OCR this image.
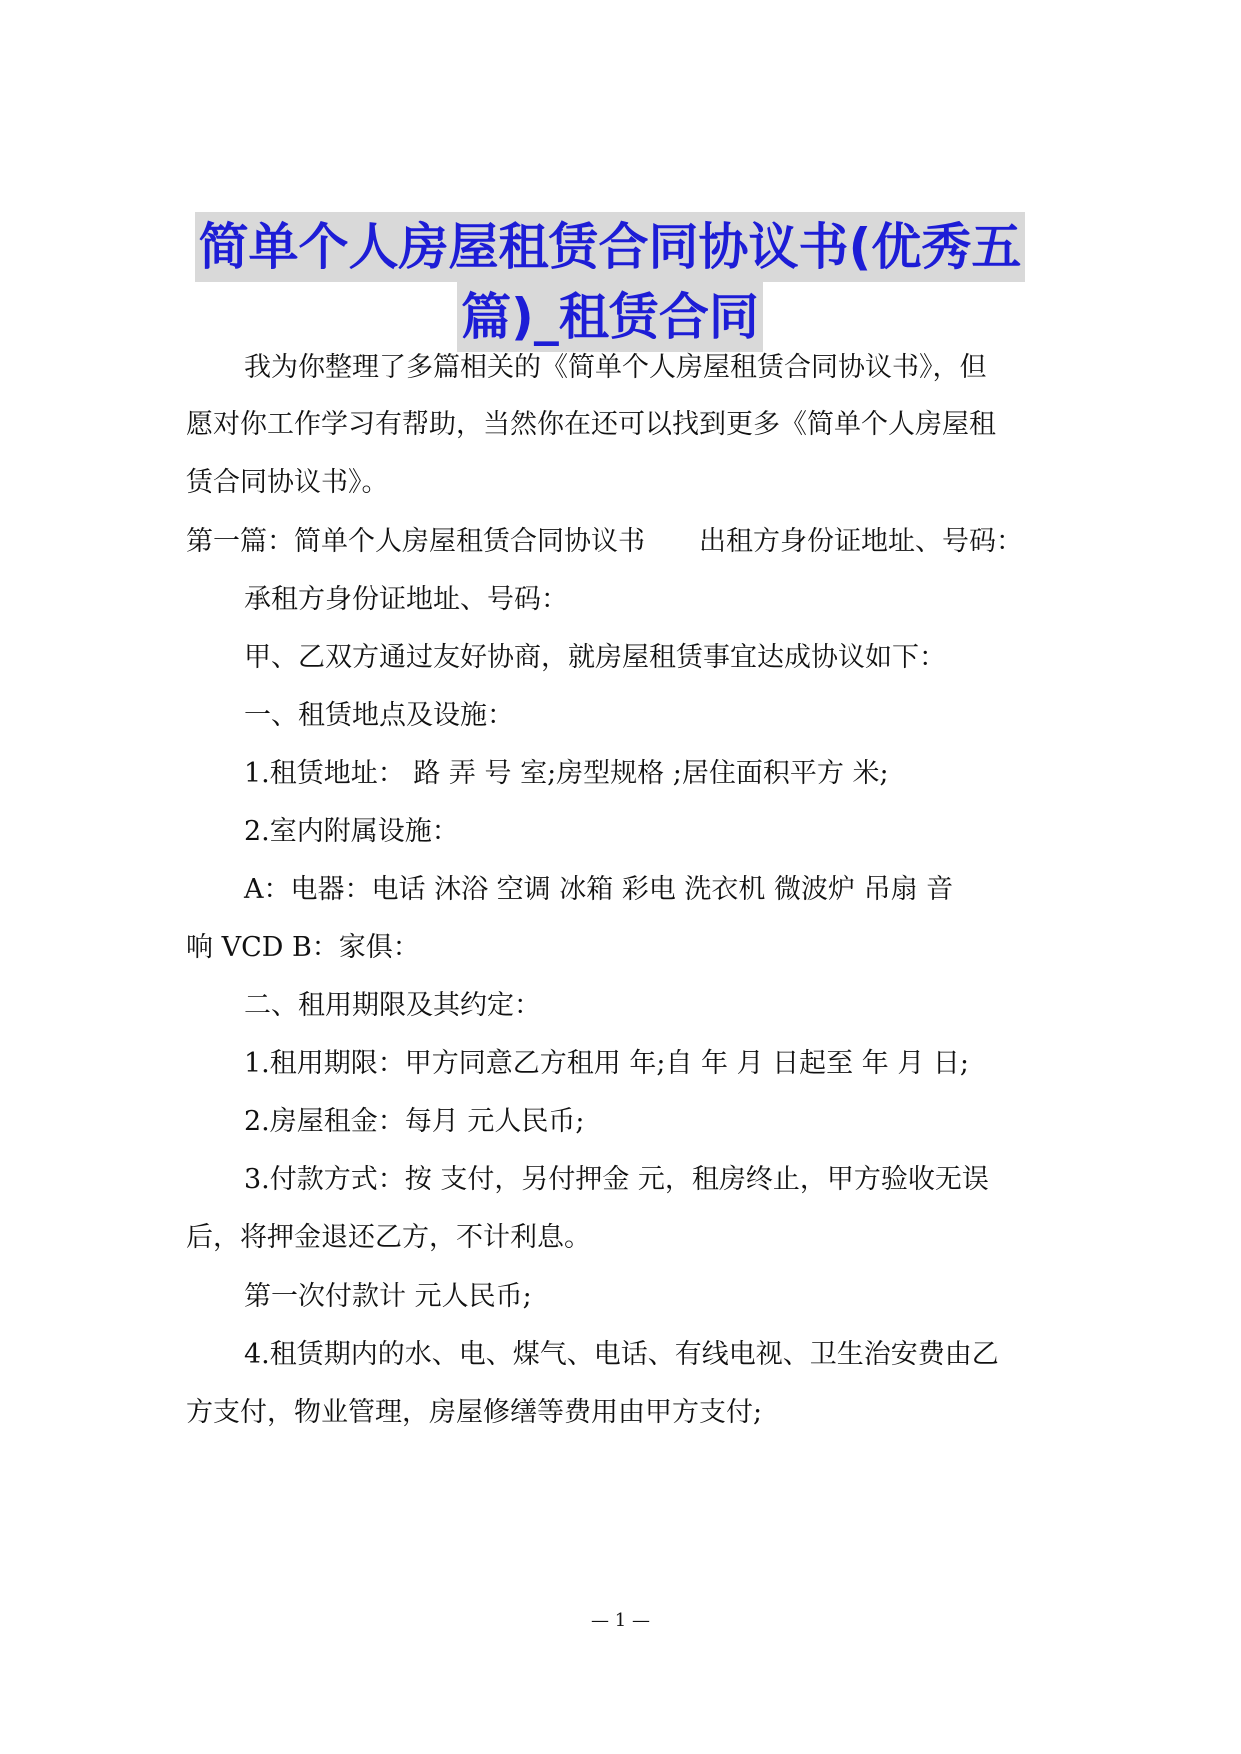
简单个人房屋租赁合同协议书(优秀五
篇)_租赁合同
我为你整理了多篇相关的《简单个人房屋租赁合同协议书》，但
愿对你工作学习有帮助，当然你在还可以找到更多《简单个人房屋租
赁合同协议书》。
第一篇：简单个人房屋租赁合同协议书　　出租方身份证地址、号码：
承租方身份证地址、号码：
甲、乙双方通过友好协商，就房屋租赁事宜达成协议如下：
一、租赁地点及设施：
1.租赁地址： 路 弄 号 室;房型规格 ;居住面积平方 米;
2.室内附属设施：
A：电器：电话 沐浴 空调 冰箱 彩电 洗衣机 微波炉 吊扇 音
响 VCD B：家俱：
二、租用期限及其约定：
1.租用期限：甲方同意乙方租用 年;自 年 月 日起至 年 月 日;
2.房屋租金：每月 元人民币;
3.付款方式：按 支付，另付押金 元，租房终止，甲方验收无误
后，将押金退还乙方，不计利息。
第一次付款计 元人民币;
4.租赁期内的水、电、煤气、电话、有线电视、卫生治安费由乙
方支付，物业管理，房屋修缮等费用由甲方支付;
— 1 —
